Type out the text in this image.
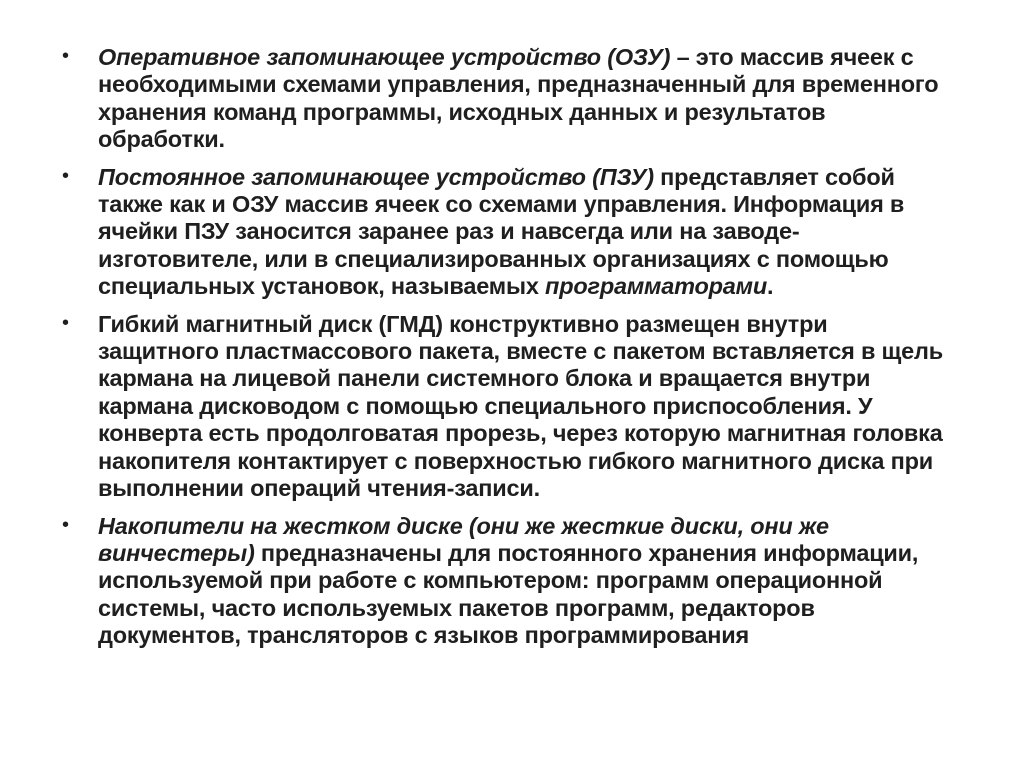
• Оперативное запоминающее устройство (ОЗУ) – это массив ячеек с необходимыми схемами управления, предназначенный для временного хранения команд программы, исходных данных и результатов обработки.
• Постоянное запоминающее устройство (ПЗУ) представляет собой также как и ОЗУ массив ячеек со схемами управления. Информация в ячейки ПЗУ заносится заранее раз и навсегда или на заводе-изготовителе, или в специализированных организациях с помощью специальных установок, называемых программаторами.
• Гибкий магнитный диск (ГМД) конструктивно размещен внутри защитного пластмассового пакета, вместе с пакетом вставляется в щель кармана на лицевой панели системного блока и вращается внутри кармана дисководом с помощью специального приспособления. У конверта есть продолговатая прорезь, через которую магнитная головка накопителя контактирует с поверхностью гибкого магнитного диска при выполнении операций чтения-записи.
• Накопители на жестком диске (они же жесткие диски, они же винчестеры) предназначены для постоянного хранения информации, используемой при работе с компьютером: программ операционной системы, часто используемых пакетов программ, редакторов документов, трансляторов с языков программирования
